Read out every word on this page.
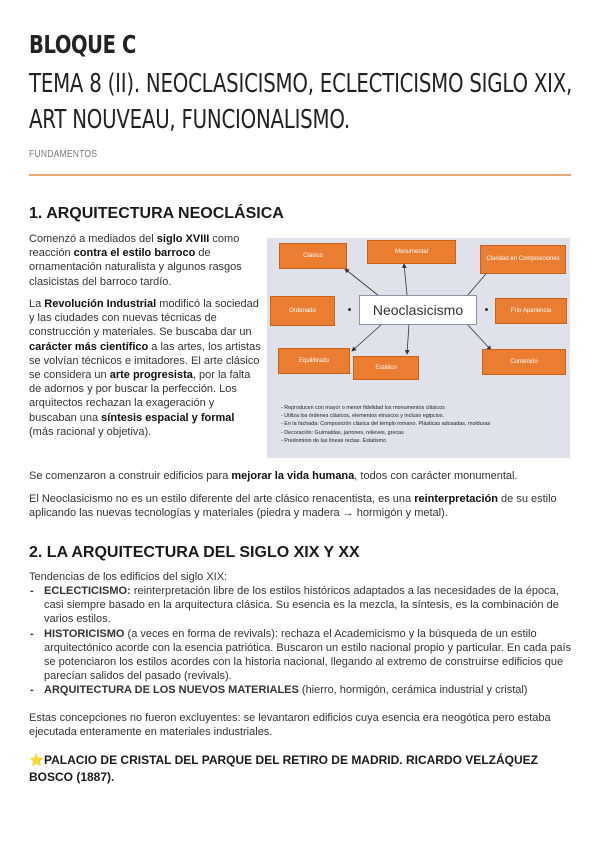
BLOQUE C
TEMA 8 (II). NEOCLASICISMO, ECLECTICISMO SIGLO XIX,
ART NOUVEAU, FUNCIONALISMO.
FUNDAMENTOS
1. ARQUITECTURA NEOCLÁSICA
Comenzó a mediados del siglo XVIII como reacción contra el estilo barroco de ornamentación naturalista y algunos rasgos clasicistas del barroco tardío.
La Revolución Industrial modificó la sociedad y las ciudades con nuevas técnicas de construcción y materiales. Se buscaba dar un carácter más científico a las artes, los artistas se volvían técnicos e imitadores. El arte clásico se considera un arte progresista, por la falta de adornos y por buscar la perfección. Los arquitectos rechazan la exageración y buscaban una síntesis espacial y formal (más racional y objetiva).
Clásico
Monumental
Claridad en Composiciones
Ordenado	Neoclasicismo	Frío Apariencia
Equilibrado
Estático
Contenido
- Reproducen con mayor o menor fidelidad los monumentos clásicos
- Utiliza los órdenes clásicos, elementos etruscos y incluso egipcios.
- En la fachada: Composición clásica del templo romano. Plásticas adosadas, molduras
- Decoración: Guirnaldas, jarrones, relieves, grecas
- Predominio de las líneas rectas. Estatismo
Se comenzaron a construir edificios para mejorar la vida humana, todos con carácter monumental.
El Neoclasicismo no es un estilo diferente del arte clásico renacentista, es una reinterpretación de su estilo aplicando las nuevas tecnologías y materiales (piedra y madera → hormigón y metal).
2. LA ARQUITECTURA DEL SIGLO XIX Y XX
Tendencias de los edificios del siglo XIX:
- ECLECTICISMO: reinterpretación libre de los estilos históricos adaptados a las necesidades de la época, casi siempre basado en la arquitectura clásica. Su esencia es la mezcla, la síntesis, es la combinación de varios estilos.
- HISTORICISMO (a veces en forma de revivals): rechaza el Academicismo y la búsqueda de un estilo arquitectónico acorde con la esencia patriótica. Buscaron un estilo nacional propio y particular. En cada país se potenciaron los estilos acordes con la historia nacional, llegando al extremo de construirse edificios que parecían salidos del pasado (revivals).
- ARQUITECTURA DE LOS NUEVOS MATERIALES (hierro, hormigón, cerámica industrial y cristal)
Estas concepciones no fueron excluyentes: se levantaron edificios cuya esencia era neogótica pero estaba ejecutada enteramente en materiales industriales.
⭐PALACIO DE CRISTAL DEL PARQUE DEL RETIRO DE MADRID. RICARDO VELZÁQUEZ BOSCO (1887).
